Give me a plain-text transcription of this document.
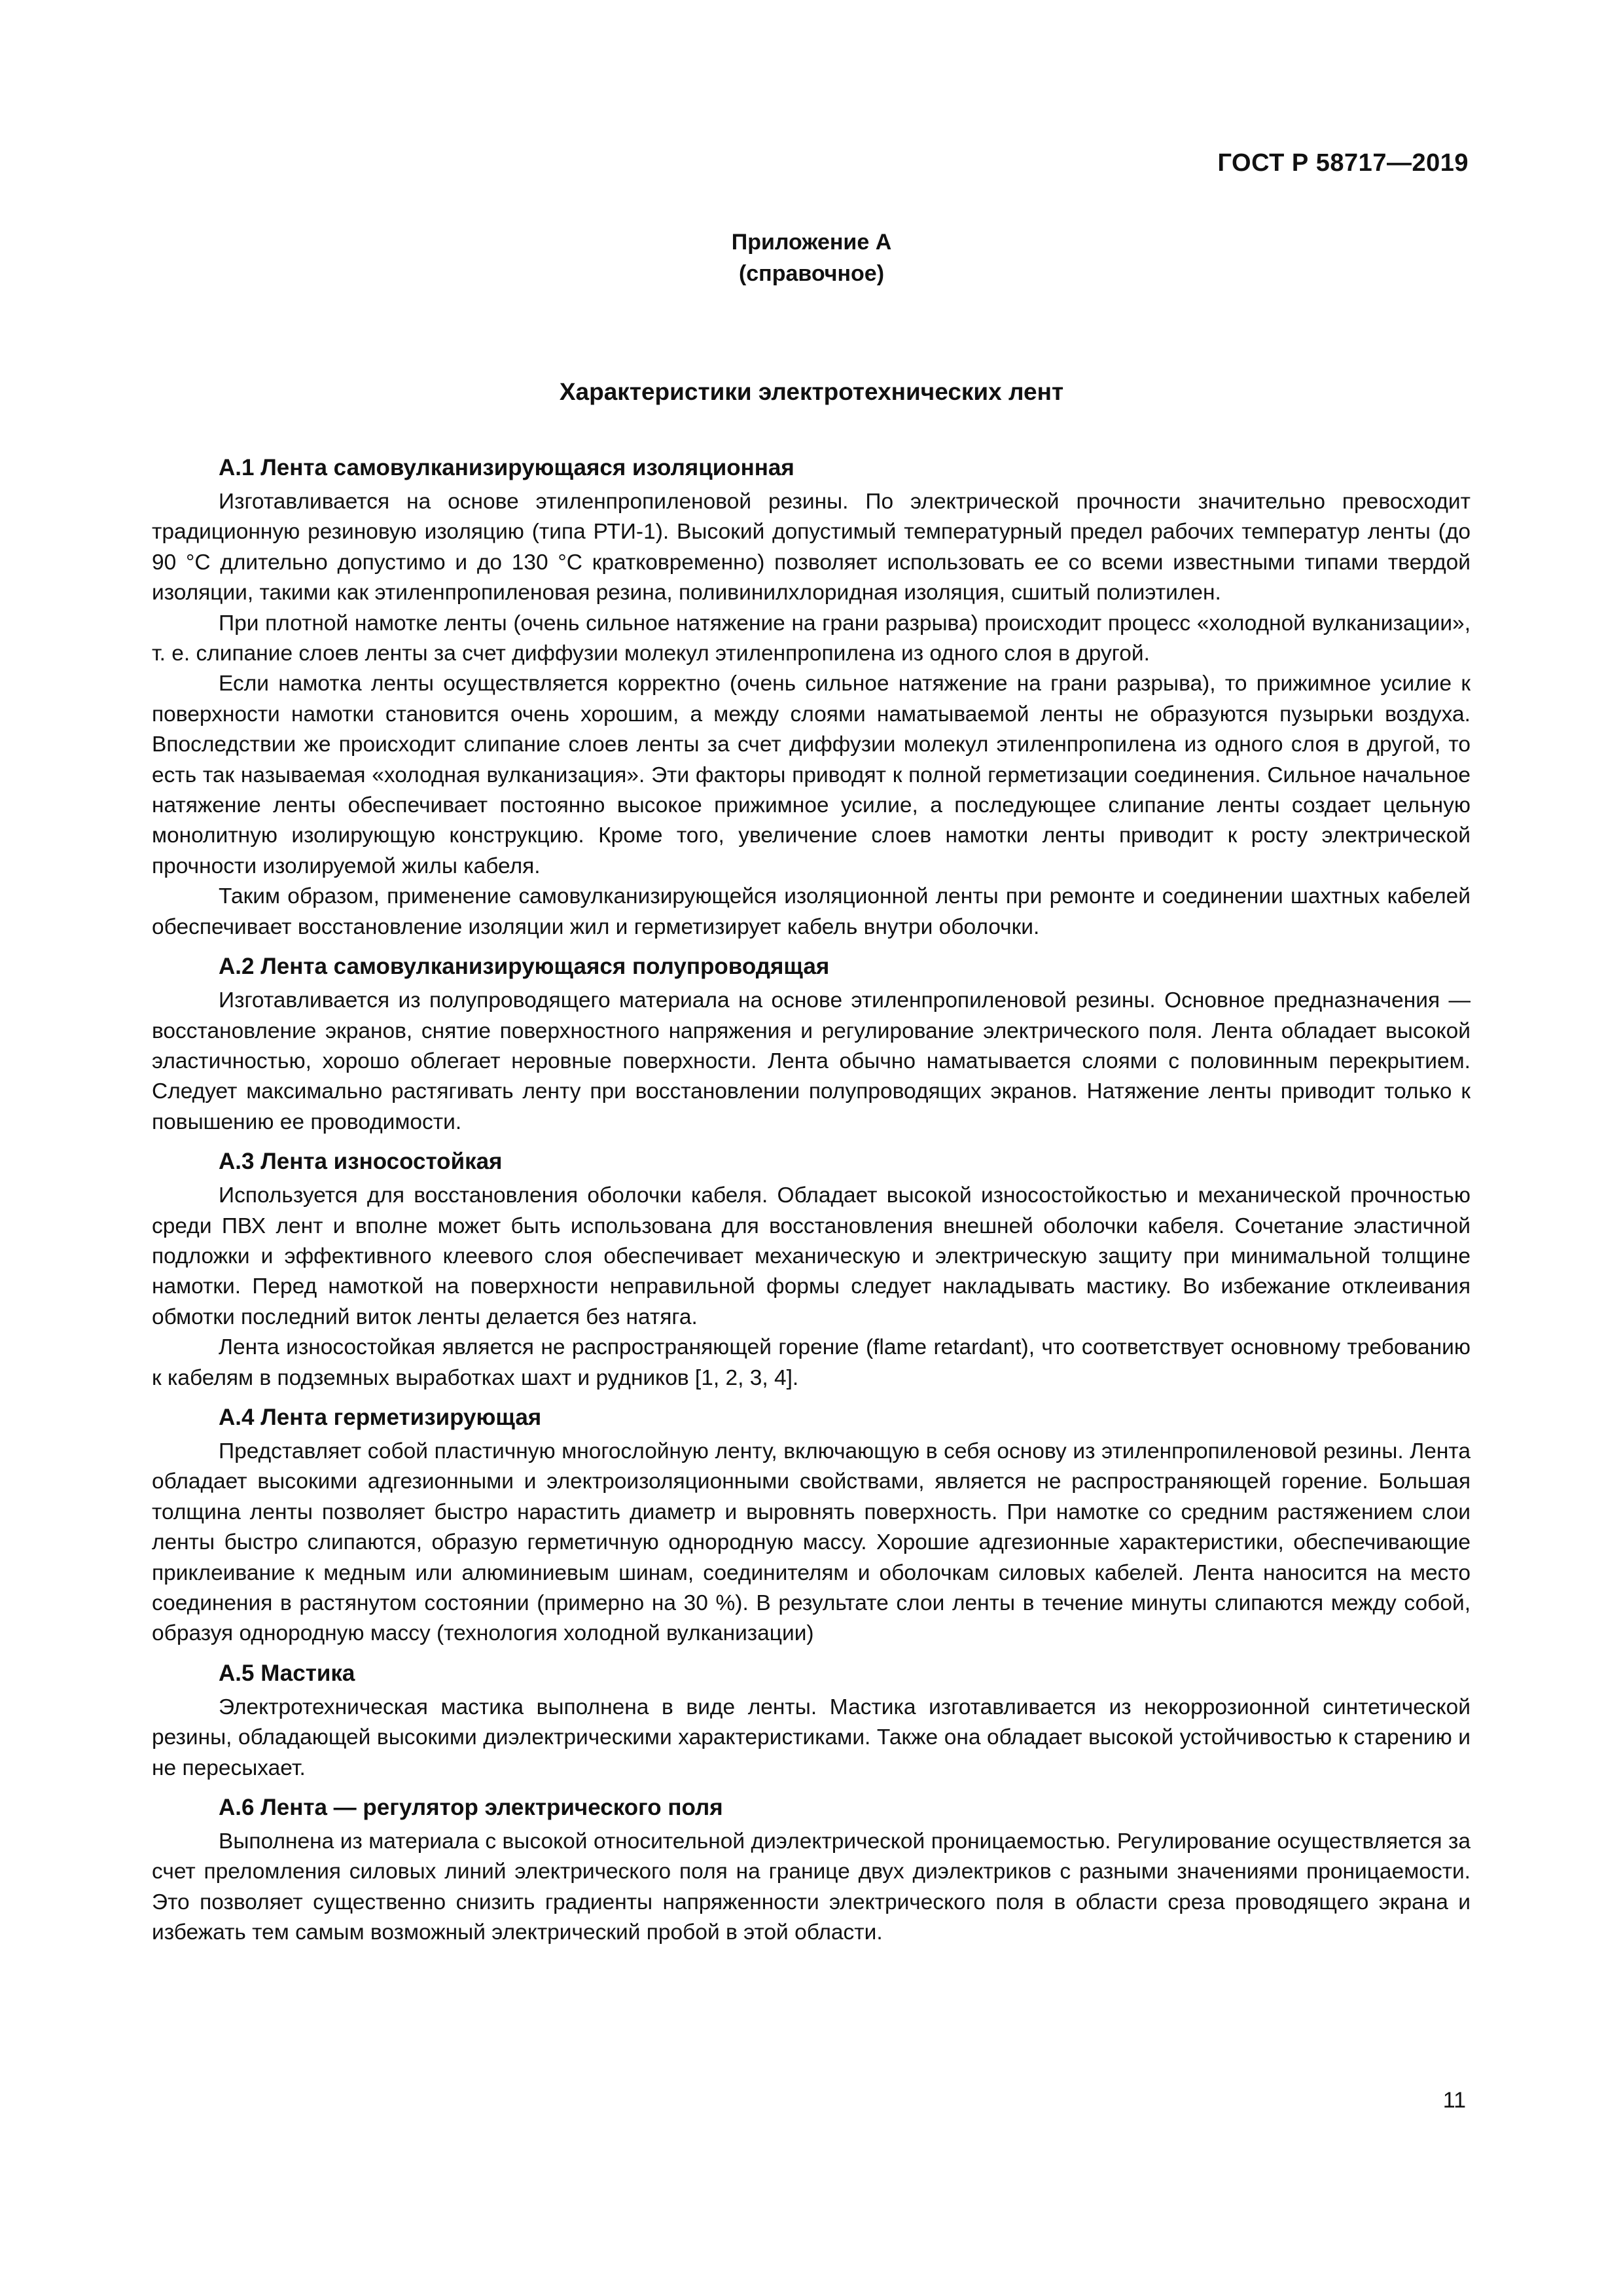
ГОСТ Р 58717—2019
Приложение А
(справочное)
Характеристики электротехнических лент
А.1 Лента самовулканизирующаяся изоляционная

Изготавливается на основе этиленпропиленовой резины. По электрической прочности значительно превосходит традиционную резиновую изоляцию (типа РТИ-1). Высокий допустимый температурный предел рабочих температур ленты (до 90 °С длительно допустимо и до 130 °С кратковременно) позволяет использовать ее со всеми известными типами твердой изоляции, такими как этиленпропиленовая резина, поливинилхлоридная изоляция, сшитый полиэтилен.

При плотной намотке ленты (очень сильное натяжение на грани разрыва) происходит процесс «холодной вулканизации», т. е. слипание слоев ленты за счет диффузии молекул этиленпропилена из одного слоя в другой.

Если намотка ленты осуществляется корректно (очень сильное натяжение на грани разрыва), то прижимное усилие к поверхности намотки становится очень хорошим, а между слоями наматываемой ленты не образуются пузырьки воздуха. Впоследствии же происходит слипание слоев ленты за счет диффузии молекул этиленпропилена из одного слоя в другой, то есть так называемая «холодная вулканизация». Эти факторы приводят к полной герметизации соединения. Сильное начальное натяжение ленты обеспечивает постоянно высокое прижимное усилие, а последующее слипание ленты создает цельную монолитную изолирующую конструкцию. Кроме того, увеличение слоев намотки ленты приводит к росту электрической прочности изолируемой жилы кабеля.

Таким образом, применение самовулканизирующейся изоляционной ленты при ремонте и соединении шахтных кабелей обеспечивает восстановление изоляции жил и герметизирует кабель внутри оболочки.

А.2 Лента самовулканизирующаяся полупроводящая

Изготавливается из полупроводящего материала на основе этиленпропиленовой резины. Основное предназначения — восстановление экранов, снятие поверхностного напряжения и регулирование электрического поля. Лента обладает высокой эластичностью, хорошо облегает неровные поверхности. Лента обычно наматывается слоями с половинным перекрытием. Следует максимально растягивать ленту при восстановлении полупроводящих экранов. Натяжение ленты приводит только к повышению ее проводимости.

А.3 Лента износостойкая

Используется для восстановления оболочки кабеля. Обладает высокой износостойкостью и механической прочностью среди ПВХ лент и вполне может быть использована для восстановления внешней оболочки кабеля. Сочетание эластичной подложки и эффективного клеевого слоя обеспечивает механическую и электрическую защиту при минимальной толщине намотки. Перед намоткой на поверхности неправильной формы следует накладывать мастику. Во избежание отклеивания обмотки последний виток ленты делается без натяга.

Лента износостойкая является не распространяющей горение (flame retardant), что соответствует основному требованию к кабелям в подземных выработках шахт и рудников [1, 2, 3, 4].

А.4 Лента герметизирующая

Представляет собой пластичную многослойную ленту, включающую в себя основу из этиленпропиленовой резины. Лента обладает высокими адгезионными и электроизоляционными свойствами, является не распространяющей горение. Большая толщина ленты позволяет быстро нарастить диаметр и выровнять поверхность. При намотке со средним растяжением слои ленты быстро слипаются, образую герметичную однородную массу. Хорошие адгезионные характеристики, обеспечивающие приклеивание к медным или алюминиевым шинам, соединителям и оболочкам силовых кабелей. Лента наносится на место соединения в растянутом состоянии (примерно на 30 %). В результате слои ленты в течение минуты слипаются между собой, образуя однородную массу (технология холодной вулканизации)

А.5 Мастика

Электротехническая мастика выполнена в виде ленты. Мастика изготавливается из некоррозионной синтетической резины, обладающей высокими диэлектрическими характеристиками. Также она обладает высокой устойчивостью к старению и не пересыхает.

А.6 Лента — регулятор электрического поля

Выполнена из материала с высокой относительной диэлектрической проницаемостью. Регулирование осуществляется за счет преломления силовых линий электрического поля на границе двух диэлектриков с разными значениями проницаемости. Это позволяет существенно снизить градиенты напряженности электрического поля в области среза проводящего экрана и избежать тем самым возможный электрический пробой в этой области.

11
